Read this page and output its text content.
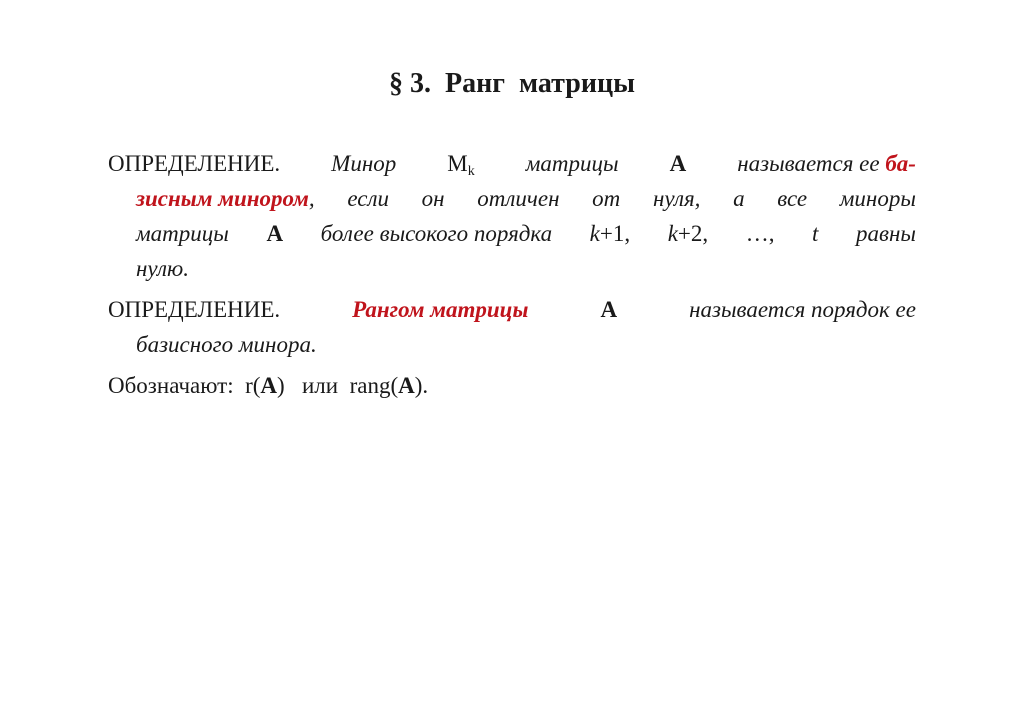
§ 3.  Ранг  матрицы
ОПРЕДЕЛЕНИЕ. Минор $M_k$ матрицы A называется ее ба-
зисным минором, если он отличен от нуля, а все миноры
матрицы A более высокого порядка k+1, k+2, …, t равны
нулю.
ОПРЕДЕЛЕНИЕ.	Рангом матрицы	A	называется порядок ее
базисного минора.
Обозначают: r(A) или rang(A).
